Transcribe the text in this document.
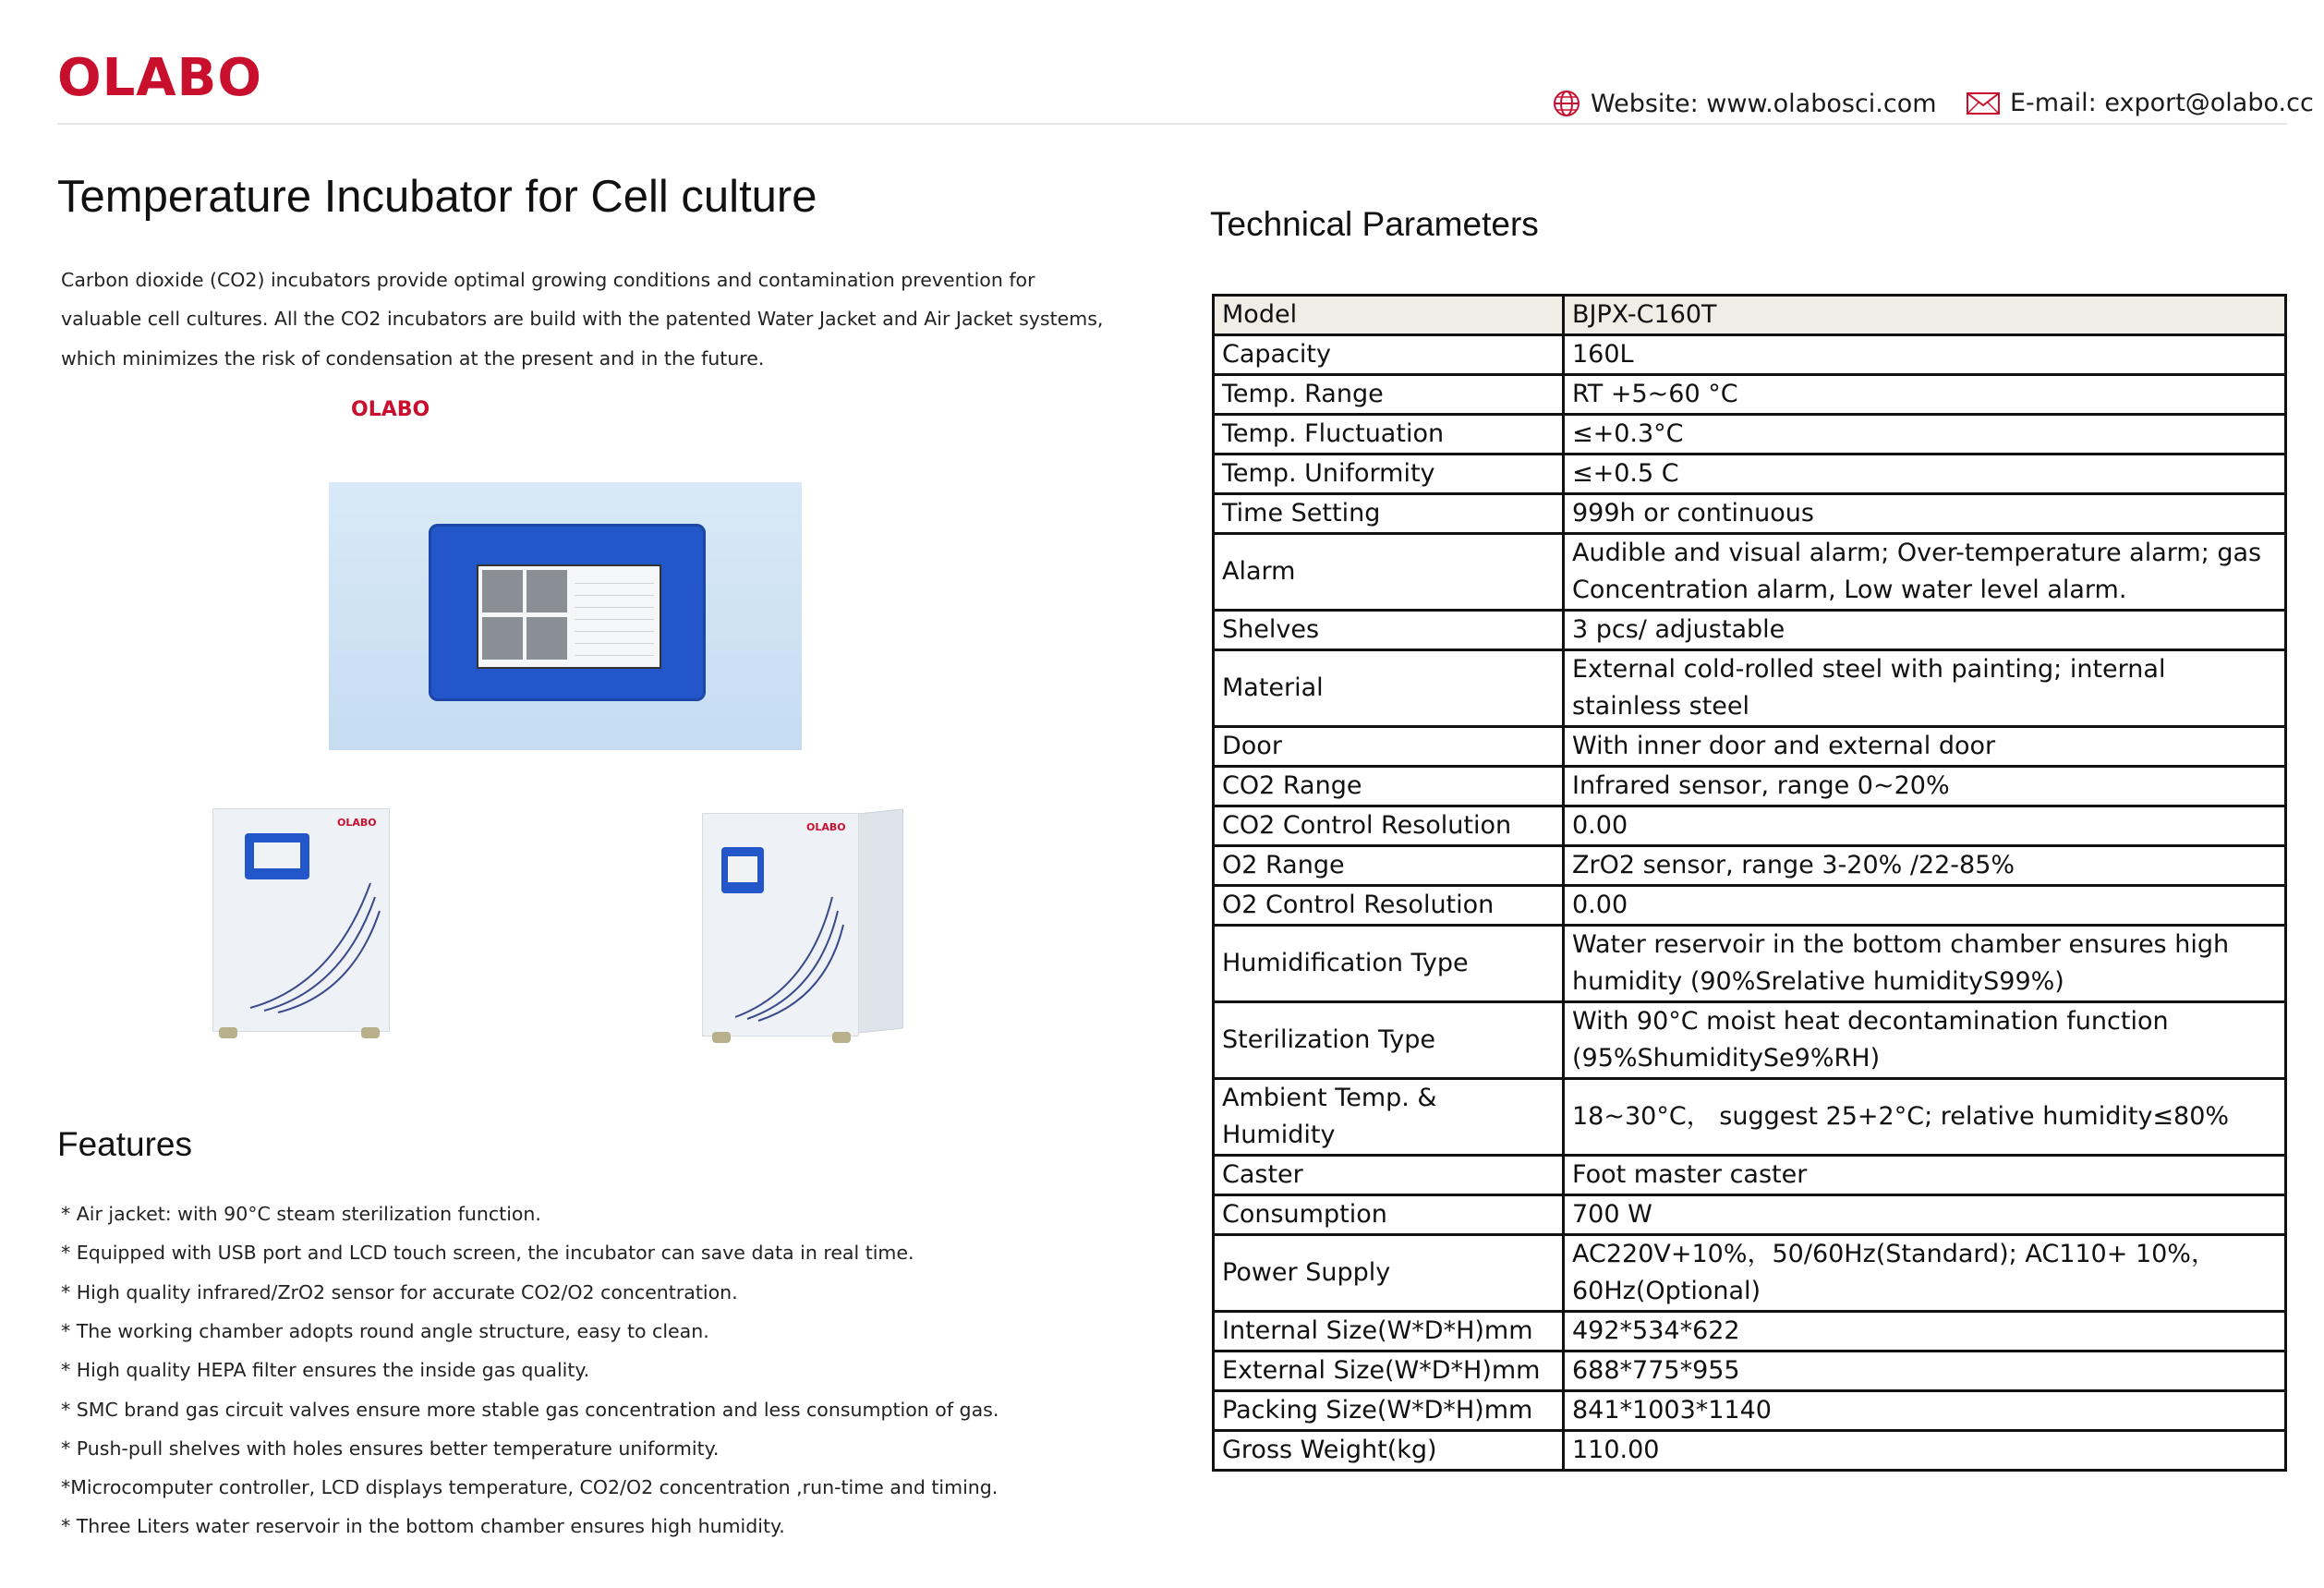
OLABO	Website: www.olabosci.com	E-mail: export@olabo.cc
Temperature Incubator for Cell culture
Carbon dioxide (CO2) incubators provide optimal growing conditions and contamination prevention for
valuable cell cultures. All the CO2 incubators are build with the patented Water Jacket and Air Jacket systems,
which minimizes the risk of condensation at the present and in the future.
OLABO
OLABO	OLABO
Features
* Air jacket: with 90°C steam sterilization function.
* Equipped with USB port and LCD touch screen, the incubator can save data in real time.
* High quality infrared/ZrO2 sensor for accurate CO2/O2 concentration.
* The working chamber adopts round angle structure, easy to clean.
* High quality HEPA filter ensures the inside gas quality.
* SMC brand gas circuit valves ensure more stable gas concentration and less consumption of gas.
* Push-pull shelves with holes ensures better temperature uniformity.
*Microcomputer controller, LCD displays temperature, CO2/O2 concentration ,run-time and timing.
* Three Liters water reservoir in the bottom chamber ensures high humidity.
Technical Parameters
Model	BJPX-C160T
Capacity	160L
Temp. Range	RT +5~60 °C
Temp. Fluctuation	≤+0.3°C
Temp. Uniformity	≤+0.5 C
Time Setting	999h or continuous
Alarm	Audible and visual alarm; Over-temperature alarm; gas Concentration alarm, Low water level alarm.
Shelves	3 pcs/ adjustable
Material	External cold-rolled steel with painting; internal stainless steel
Door	With inner door and external door
CO2 Range	Infrared sensor, range 0~20%
CO2 Control Resolution	0.00
O2 Range	ZrO2 sensor, range 3-20% /22-85%
O2 Control Resolution	0.00
Humidification Type	Water reservoir in the bottom chamber ensures high humidity (90%Srelative humidityS99%)
Sterilization Type	With 90°C moist heat decontamination function (95%ShumiditySe9%RH)
Ambient Temp. & Humidity	18~30°C， suggest 25+2°C; relative humidity≤80%
Caster	Foot master caster
Consumption	700 W
Power Supply	AC220V+10%，50/60Hz(Standard); AC110+ 10%，60Hz(Optional)
Internal Size(W*D*H)mm	492*534*622
External Size(W*D*H)mm	688*775*955
Packing Size(W*D*H)mm	841*1003*1140
Gross Weight(kg)	110.00
